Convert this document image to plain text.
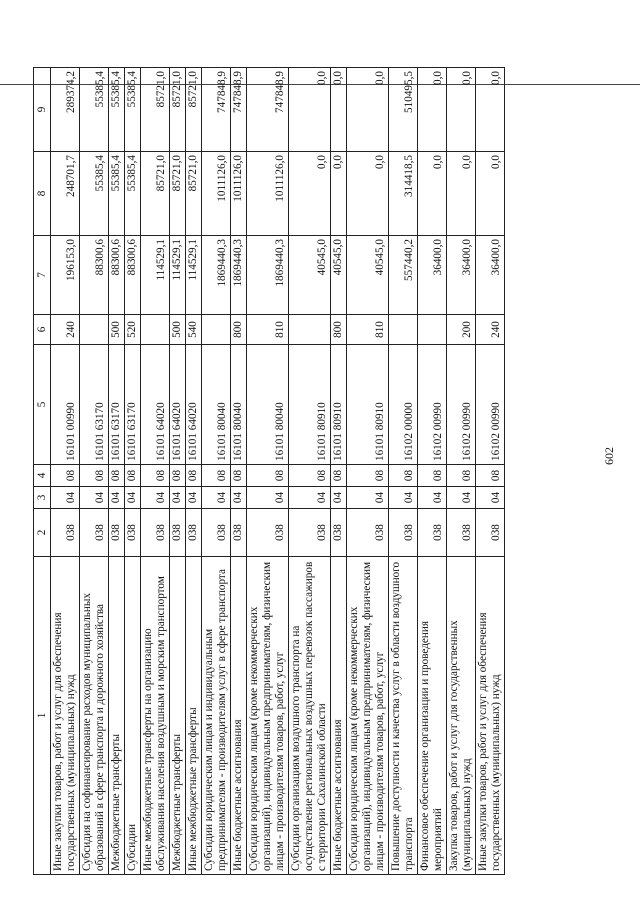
602
1	2	3	4	5	6	7	8	9
Иные закупки товаров, работ и услуг для обеспечения государственных (муниципальных) нужд	038	04	08	16101 00990	240	196153,0	248701,7	289374,2
Субсидия на софинансирование расходов муниципальных образований в сфере транспорта и дорожного хозяйства	038	04	08	16101 63170		88300,6	55385,4	55385,4
Межбюджетные трансферты	038	04	08	16101 63170	500	88300,6	55385,4	55385,4
Субсидии	038	04	08	16101 63170	520	88300,6	55385,4	55385,4
Иные межбюджетные трансферты на организацию обслуживания населения воздушным и морским транспортом	038	04	08	16101 64020		114529,1	85721,0	85721,0
Межбюджетные трансферты	038	04	08	16101 64020	500	114529,1	85721,0	85721,0
Иные межбюджетные трансферты	038	04	08	16101 64020	540	114529,1	85721,0	85721,0
Субсидии юридическим лицам и индивидуальным предпринимателям - производителям услуг в сфере транспорта	038	04	08	16101 80040		1869440,3	1011126,0	747848,9
Иные бюджетные ассигнования	038	04	08	16101 80040	800	1869440,3	1011126,0	747848,9
Субсидии юридическим лицам (кроме некоммерческих организаций), индивидуальным предпринимателям, физическим лицам - производителям товаров, работ, услуг	038	04	08	16101 80040	810	1869440,3	1011126,0	747848,9
Субсидии организациям воздушного транспорта на осуществление региональных воздушных перевозок пассажиров с территории Сахалинской области	038	04	08	16101 80910		40545,0	0,0	0,0
Иные бюджетные ассигнования	038	04	08	16101 80910	800	40545,0	0,0	0,0
Субсидии юридическим лицам (кроме некоммерческих организаций), индивидуальным предпринимателям, физическим лицам - производителям товаров, работ, услуг	038	04	08	16101 80910	810	40545,0	0,0	0,0
Повышение доступности и качества услуг в области воздушного транспорта	038	04	08	16102 00000		557440,2	314418,5	510495,5
Финансовое обеспечение организации и проведения мероприятий	038	04	08	16102 00990		36400,0	0,0	0,0
Закупка товаров, работ и услуг для государственных (муниципальных) нужд	038	04	08	16102 00990	200	36400,0	0,0	0,0
Иные закупки товаров, работ и услуг для обеспечения государственных (муниципальных) нужд	038	04	08	16102 00990	240	36400,0	0,0	0,0
